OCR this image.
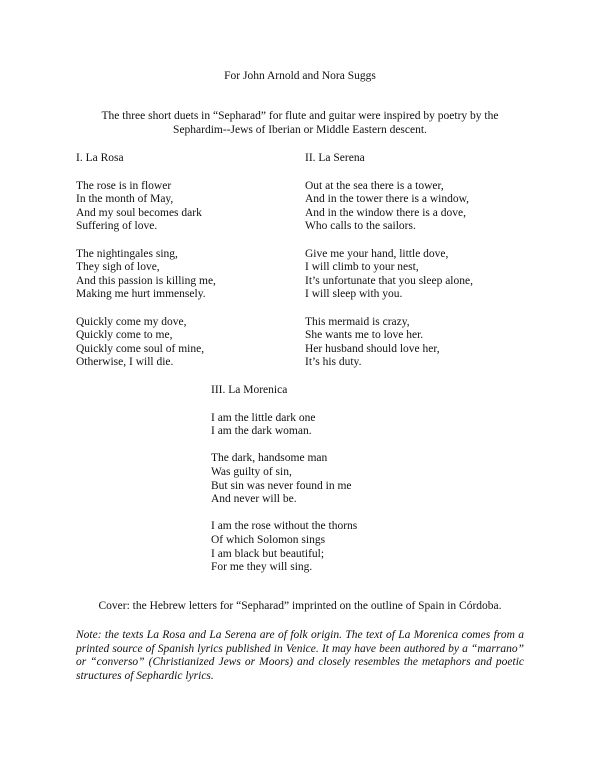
For John Arnold and Nora Suggs
The three short duets in “Sepharad” for flute and guitar were inspired by poetry by the Sephardim--Jews of Iberian or Middle Eastern descent.
I. La Rosa
The rose is in flower
In the month of May,
And my soul becomes dark
Suffering of love.
The nightingales sing,
They sigh of love,
And this passion is killing me,
Making me hurt immensely.
Quickly come my dove,
Quickly come to me,
Quickly come soul of mine,
Otherwise, I will die.
II. La Serena
Out at the sea there is a tower,
And in the tower there is a window,
And in the window there is a dove,
Who calls to the sailors.
Give me your hand, little dove,
I will climb to your nest,
It’s unfortunate that you sleep alone,
I will sleep with you.
This mermaid is crazy,
She wants me to love her.
Her husband should love her,
It’s his duty.
III. La Morenica
I am the little dark one
I am the dark woman.
The dark, handsome man
Was guilty of sin,
But sin was never found in me
And never will be.
I am the rose without the thorns
Of which Solomon sings
I am black but beautiful;
For me they will sing.
Cover: the Hebrew letters for “Sepharad” imprinted on the outline of Spain in Córdoba.
Note: the texts La Rosa and La Serena are of folk origin. The text of La Morenica comes from a printed source of Spanish lyrics published in Venice. It may have been authored by a “marrano” or “converso” (Christianized Jews or Moors) and closely resembles the metaphors and poetic structures of Sephardic lyrics.
